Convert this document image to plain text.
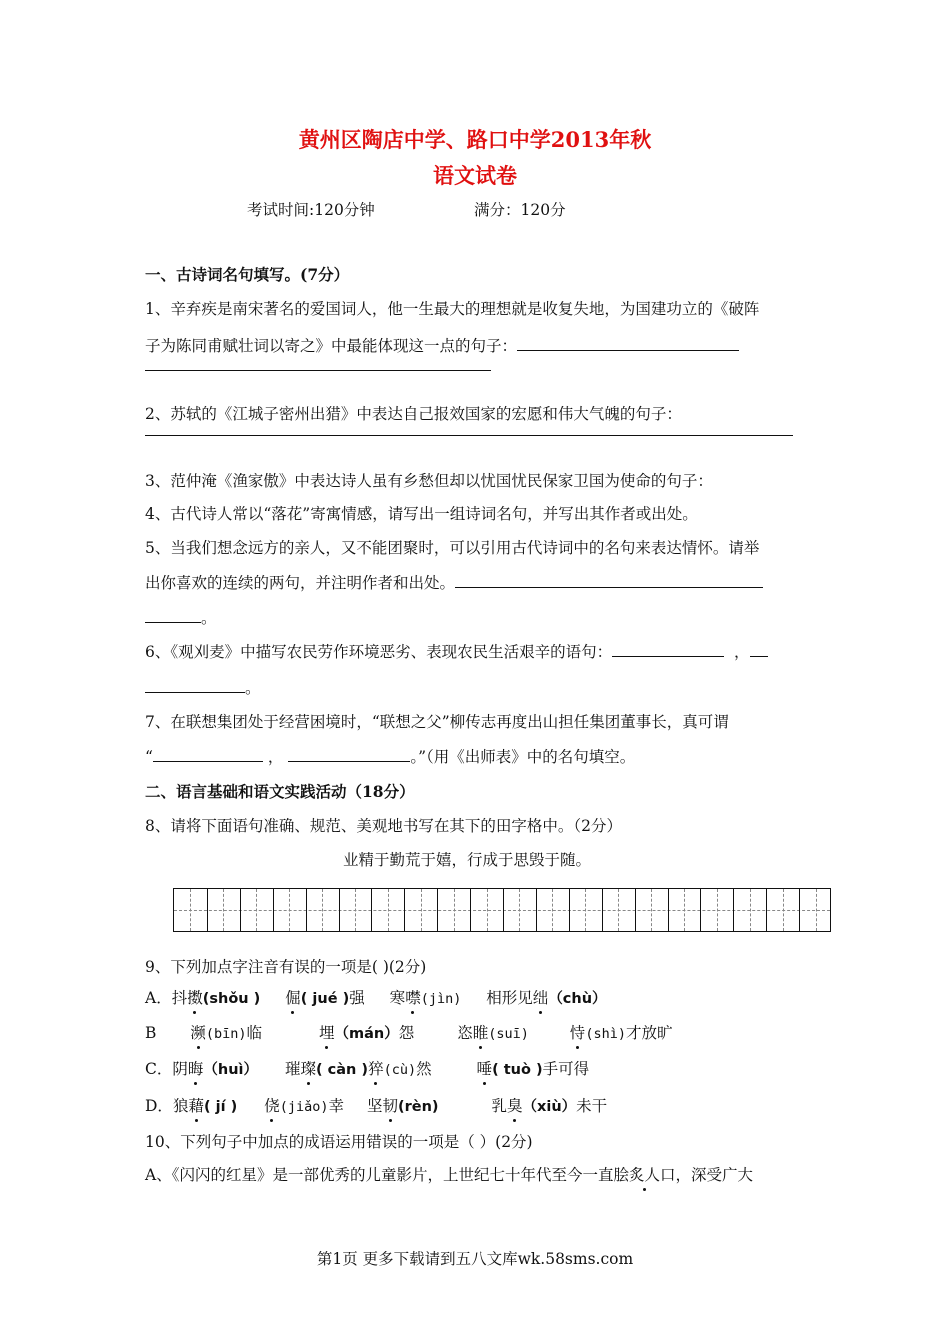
黄州区陶店中学、路口中学2013年秋
语文试卷
考试时间:120分钟	满分：120分
一、古诗词名句填写。(7分）
1、辛弃疾是南宋著名的爱国词人，他一生最大的理想就是收复失地，为国建功立的《破阵
子为陈同甫赋壮词以寄之》中最能体现这一点的句子：
2、苏轼的《江城子密州出猎》中表达自己报效国家的宏愿和伟大气魄的句子：
3、范仲淹《渔家傲》中表达诗人虽有乡愁但却以忧国忧民保家卫国为使命的句子：
4、古代诗人常以“落花”寄寓情感，请写出一组诗词名句，并写出其作者或出处。
5、当我们想念远方的亲人，又不能团聚时，可以引用古代诗词中的名句来表达情怀。请举
出你喜欢的连续的两句，并注明作者和出处。
。
6、《观刈麦》中描写农民劳作环境恶劣、表现农民生活艰辛的语句：	，
。
7、在联想集团处于经营困境时，“联想之父”柳传志再度出山担任集团董事长，真可谓
“	，	。”（用《出师表》中的名句填空。
二、语言基础和语文实践活动（18分）
8、请将下面语句准确、规范、美观地书写在其下的田字格中。（2分）
业精于勤荒于嬉，行成于思毁于随。
9、下列加点字注音有误的一项是( )(2分)
A．抖擞(shǒu ) 倔( jué )强 寒噤(jìn) 相形见绌（chù）
B 濒(bīn)临	埋（mán）怨	恣睢(suī)	恃(shì)才放旷
C．阴晦（huì） 璀璨( càn )猝(cù)然	唾( tuò )手可得
D．狼藉( jí ) 侥(jiǎo)幸 坚韧(rèn)	乳臭（xiù）未干
10、下列句子中加点的成语运用错误的一项是（ ）(2分)
A、《闪闪的红星》是一部优秀的儿童影片，上世纪七十年代至今一直脍炙人口，深受广大
第1页 更多下载请到五八文库wk.58sms.com
